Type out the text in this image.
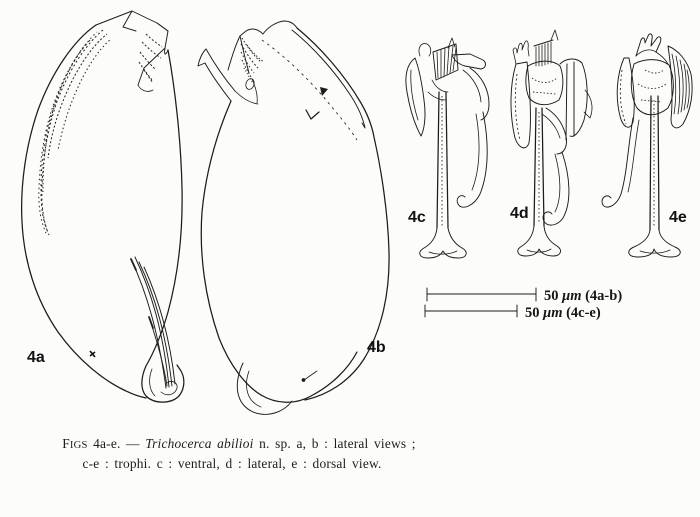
4a
4b
4c	4d	4e
50 μm (4a-b)
50 μm (4c-e)
FIGS 4a-e. — Trichocerca abilioi n. sp. a, b : lateral views ;
c-e : trophi. c : ventral, d : lateral, e : dorsal view.
